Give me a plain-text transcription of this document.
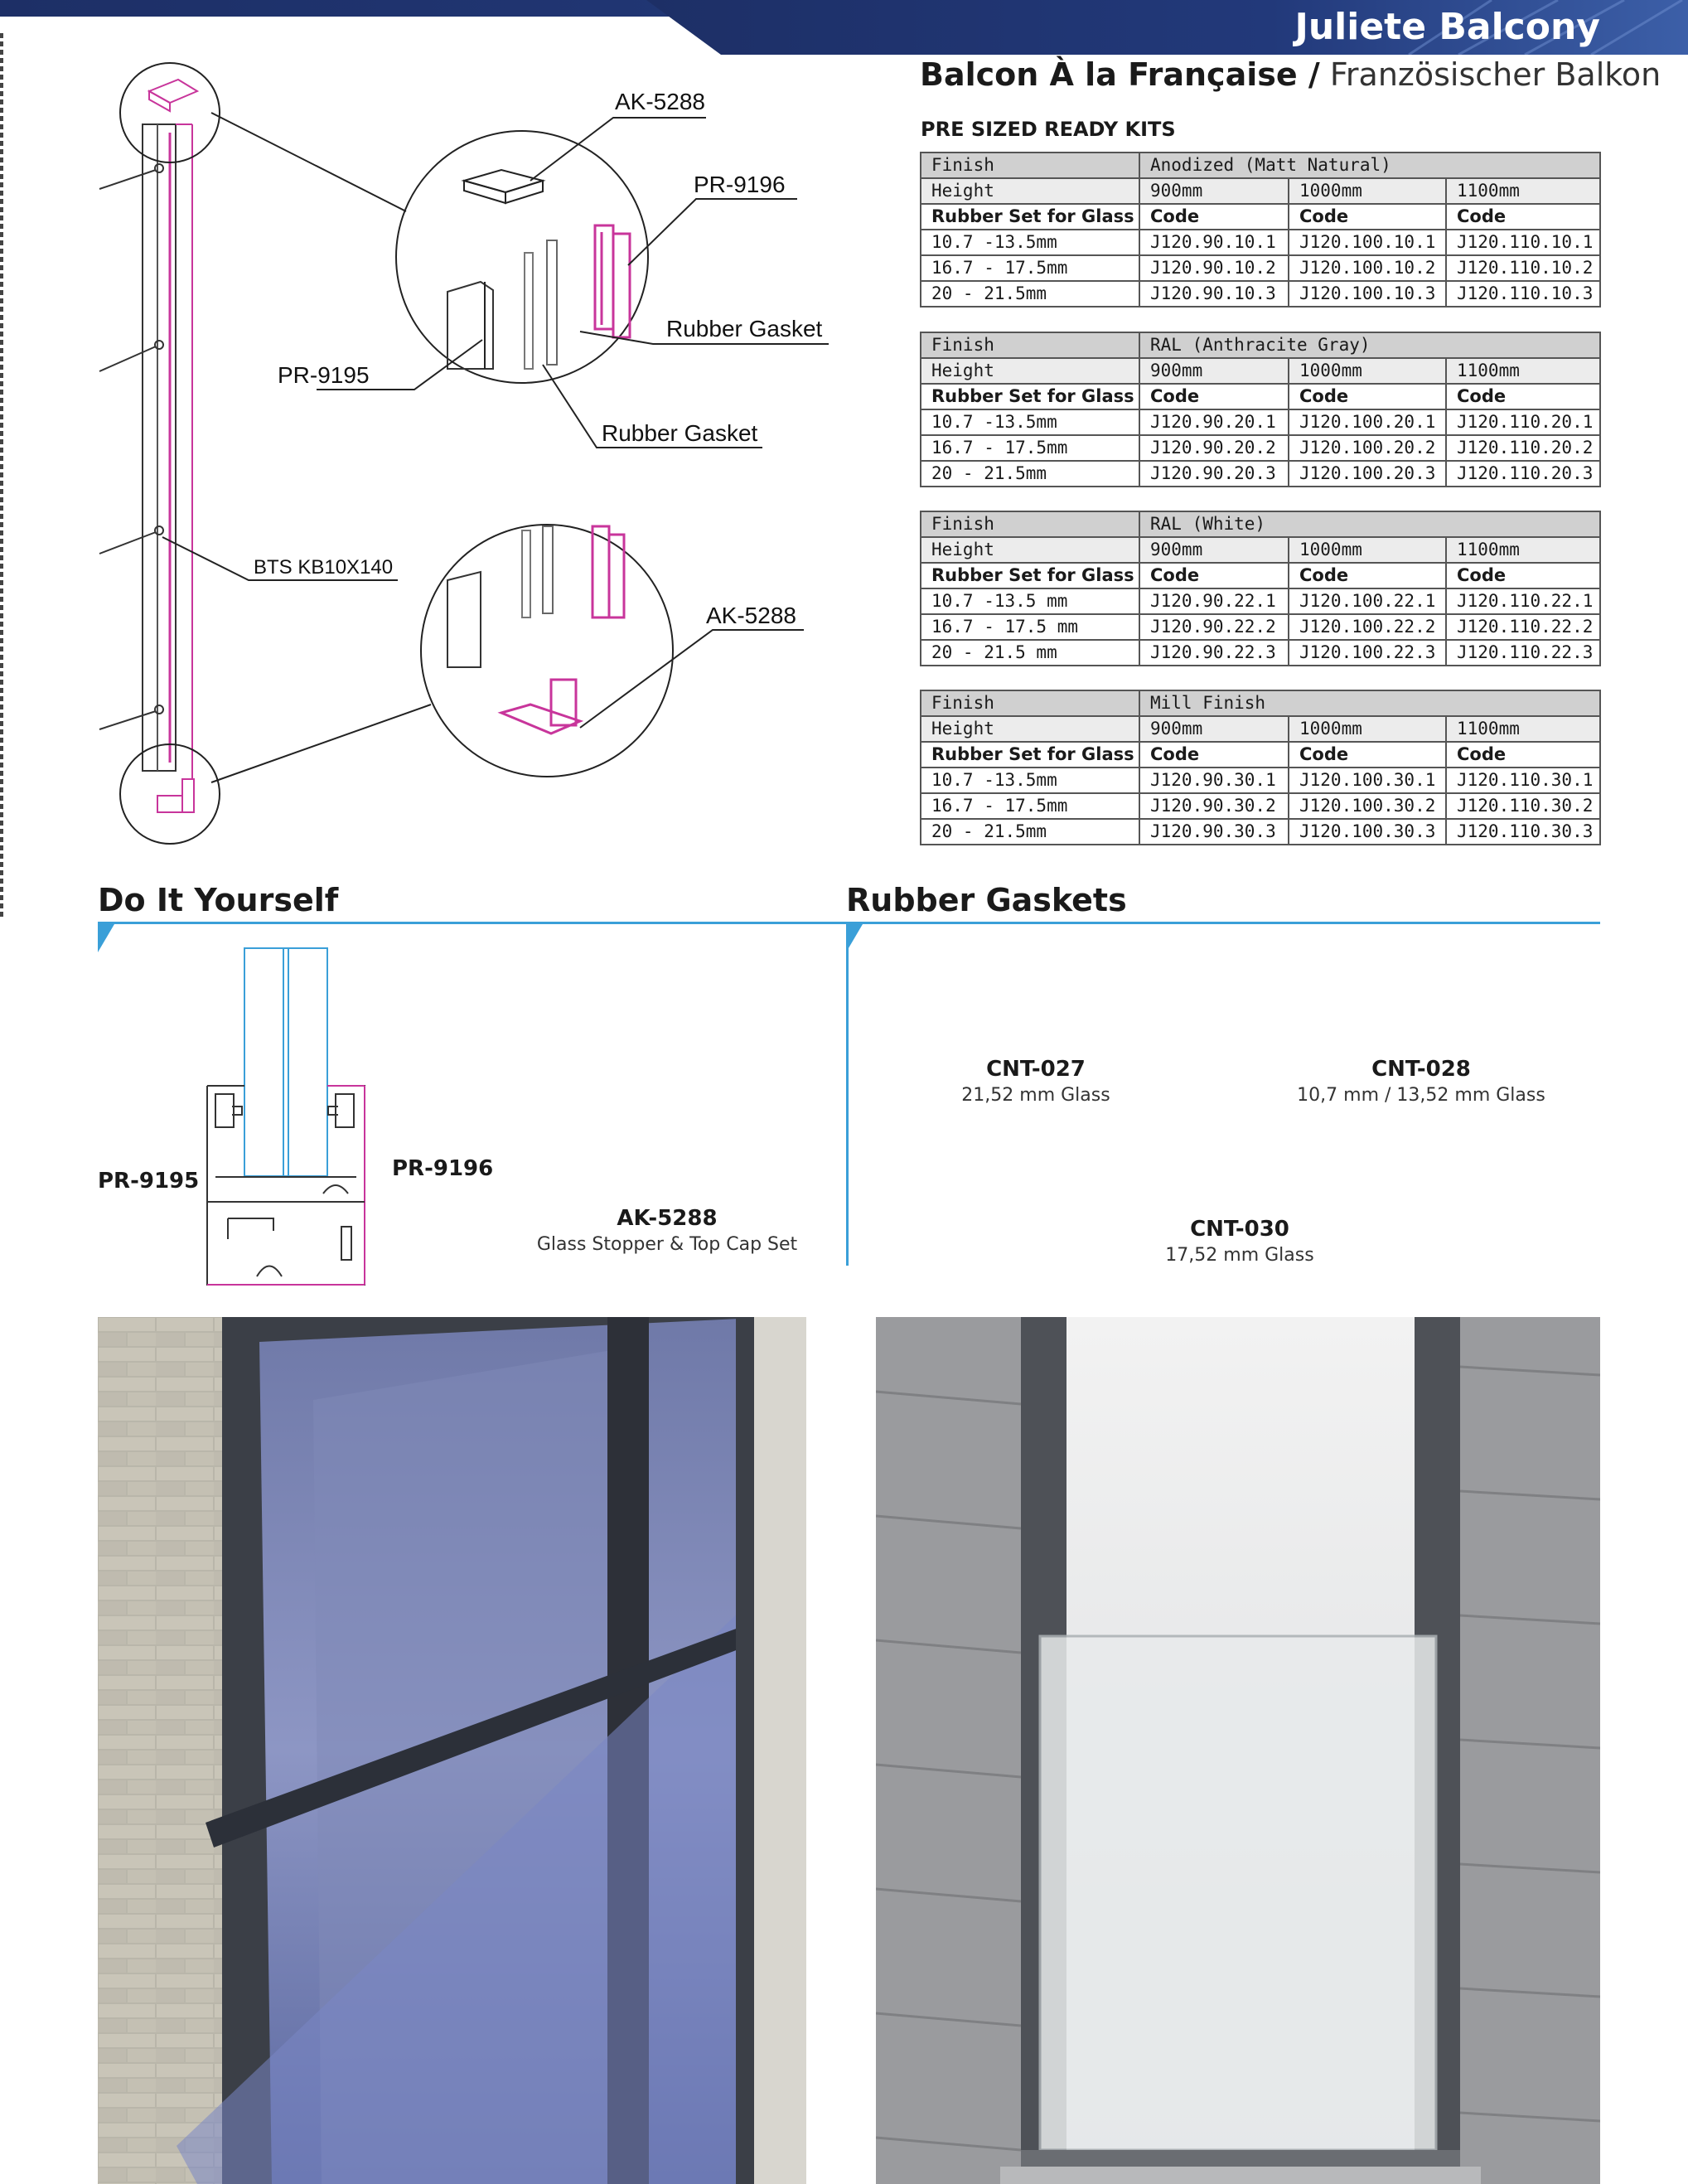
Juliete Balcony
Balcon À la Française / Französischer Balkon
PRE SIZED READY KITS
Finish	Anodized (Matt Natural)		
Height	900mm	1000mm	1100mm
Rubber Set for Glass	Code	Code	Code
10.7 -13.5mm	J120.90.10.1	J120.100.10.1	J120.110.10.1
16.7 - 17.5mm	J120.90.10.2	J120.100.10.2	J120.110.10.2
20 - 21.5mm	J120.90.10.3	J120.100.10.3	J120.110.10.3
Finish	RAL (Anthracite Gray)		
Height	900mm	1000mm	1100mm
Rubber Set for Glass	Code	Code	Code
10.7 -13.5mm	J120.90.20.1	J120.100.20.1	J120.110.20.1
16.7 - 17.5mm	J120.90.20.2	J120.100.20.2	J120.110.20.2
20 - 21.5mm	J120.90.20.3	J120.100.20.3	J120.110.20.3
Finish	RAL (White)		
Height	900mm	1000mm	1100mm
Rubber Set for Glass	Code	Code	Code
10.7 -13.5 mm	J120.90.22.1	J120.100.22.1	J120.110.22.1
16.7 - 17.5 mm	J120.90.22.2	J120.100.22.2	J120.110.22.2
20 - 21.5 mm	J120.90.22.3	J120.100.22.3	J120.110.22.3
Finish	Mill Finish		
Height	900mm	1000mm	1100mm
Rubber Set for Glass	Code	Code	Code
10.7 -13.5mm	J120.90.30.1	J120.100.30.1	J120.110.30.1
16.7 - 17.5mm	J120.90.30.2	J120.100.30.2	J120.110.30.2
20 - 21.5mm	J120.90.30.3	J120.100.30.3	J120.110.30.3
AK-5288
PR-9196
Rubber Gasket
PR-9195
Rubber Gasket
BTS KB10X140
AK-5288
Do It Yourself	Rubber Gaskets
PR-9195	PR-9196
AK-5288
Glass Stopper & Top Cap Set
CNT-027
21,52 mm Glass
CNT-028
10,7 mm / 13,52 mm Glass
CNT-030
17,52 mm Glass
